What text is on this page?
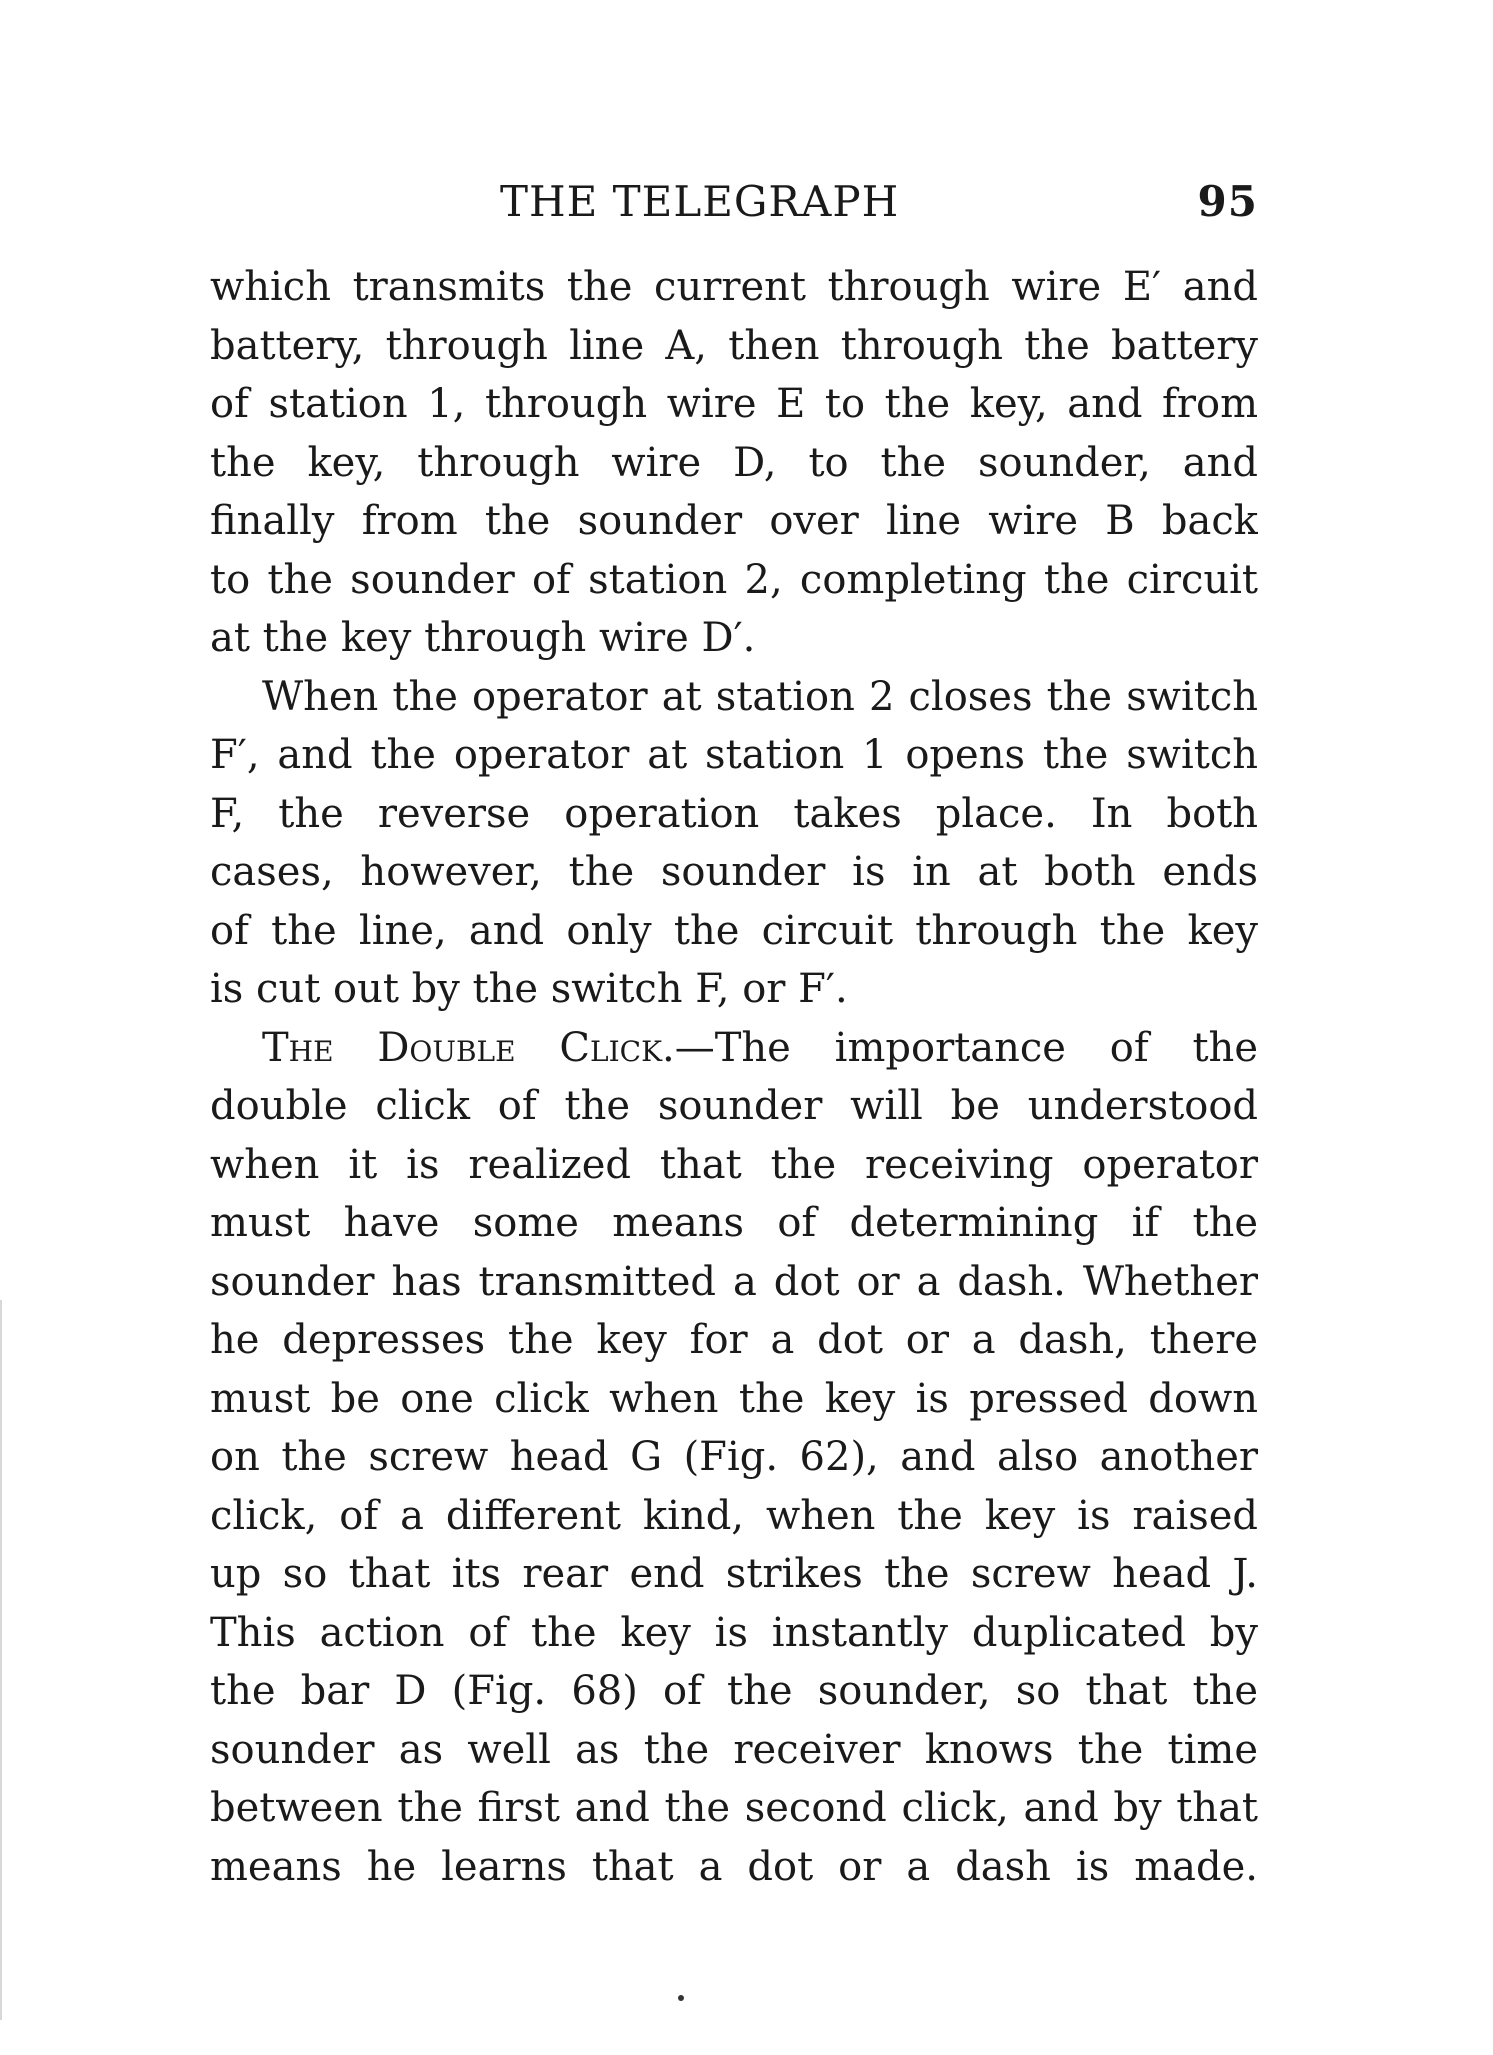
THE TELEGRAPH	95
which transmits the current through wire E′ and
battery, through line A, then through the battery
of station 1, through wire E to the key, and from
the key, through wire D, to the sounder, and
finally from the sounder over line wire B back
to the sounder of station 2, completing the circuit
at the key through wire D′.
When the operator at station 2 closes the switch
F′, and the operator at station 1 opens the switch
F, the reverse operation takes place. In both
cases, however, the sounder is in at both ends
of the line, and only the circuit through the key
is cut out by the switch F, or F′.
The Double Click.—The importance of the
double click of the sounder will be understood
when it is realized that the receiving operator
must have some means of determining if the
sounder has transmitted a dot or a dash. Whether
he depresses the key for a dot or a dash, there
must be one click when the key is pressed down
on the screw head G (Fig. 62), and also another
click, of a different kind, when the key is raised
up so that its rear end strikes the screw head J.
This action of the key is instantly duplicated by
the bar D (Fig. 68) of the sounder, so that the
sounder as well as the receiver knows the time
between the first and the second click, and by that
means he learns that a dot or a dash is made.
